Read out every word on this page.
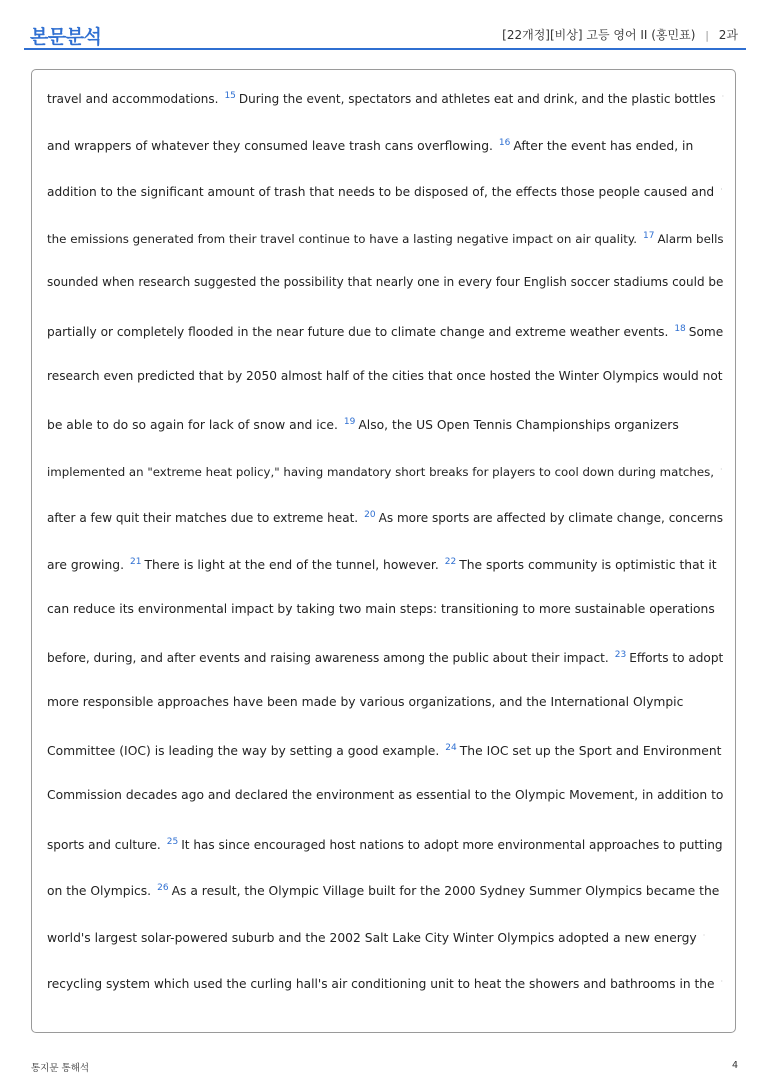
본문분석	[22개정][비상] 고등 영어 II (홍민표) | 2과
travel and accommodations. $^{15}$ During the event, spectators and athletes eat and drink, and the plastic bottles ·
and wrappers of whatever they consumed leave trash cans overflowing. $^{16}$ After the event has ended, in
addition to the significant amount of trash that needs to be disposed of, the effects those people caused and ·
the emissions generated from their travel continue to have a lasting negative impact on air quality. $^{17}$ Alarm bells
sounded when research suggested the possibility that nearly one in every four English soccer stadiums could be
partially or completely flooded in the near future due to climate change and extreme weather events. $^{18}$ Some
research even predicted that by 2050 almost half of the cities that once hosted the Winter Olympics would not
be able to do so again for lack of snow and ice. $^{19}$ Also, the US Open Tennis Championships organizers
implemented an "extreme heat policy," having mandatory short breaks for players to cool down during matches, ·
after a few quit their matches due to extreme heat. $^{20}$ As more sports are affected by climate change, concerns
are growing. $^{21}$ There is light at the end of the tunnel, however. $^{22}$ The sports community is optimistic that it
can reduce its environmental impact by taking two main steps: transitioning to more sustainable operations
before, during, and after events and raising awareness among the public about their impact. $^{23}$ Efforts to adopt
more responsible approaches have been made by various organizations, and the International Olympic
Committee (IOC) is leading the way by setting a good example. $^{24}$ The IOC set up the Sport and Environment
Commission decades ago and declared the environment as essential to the Olympic Movement, in addition to
sports and culture. $^{25}$ It has since encouraged host nations to adopt more environmental approaches to putting
on the Olympics. $^{26}$ As a result, the Olympic Village built for the 2000 Sydney Summer Olympics became the
world's largest solar-powered suburb and the 2002 Salt Lake City Winter Olympics adopted a new energy ·
recycling system which used the curling hall's air conditioning unit to heat the showers and bathrooms in the ·
통지문 통해석	4
